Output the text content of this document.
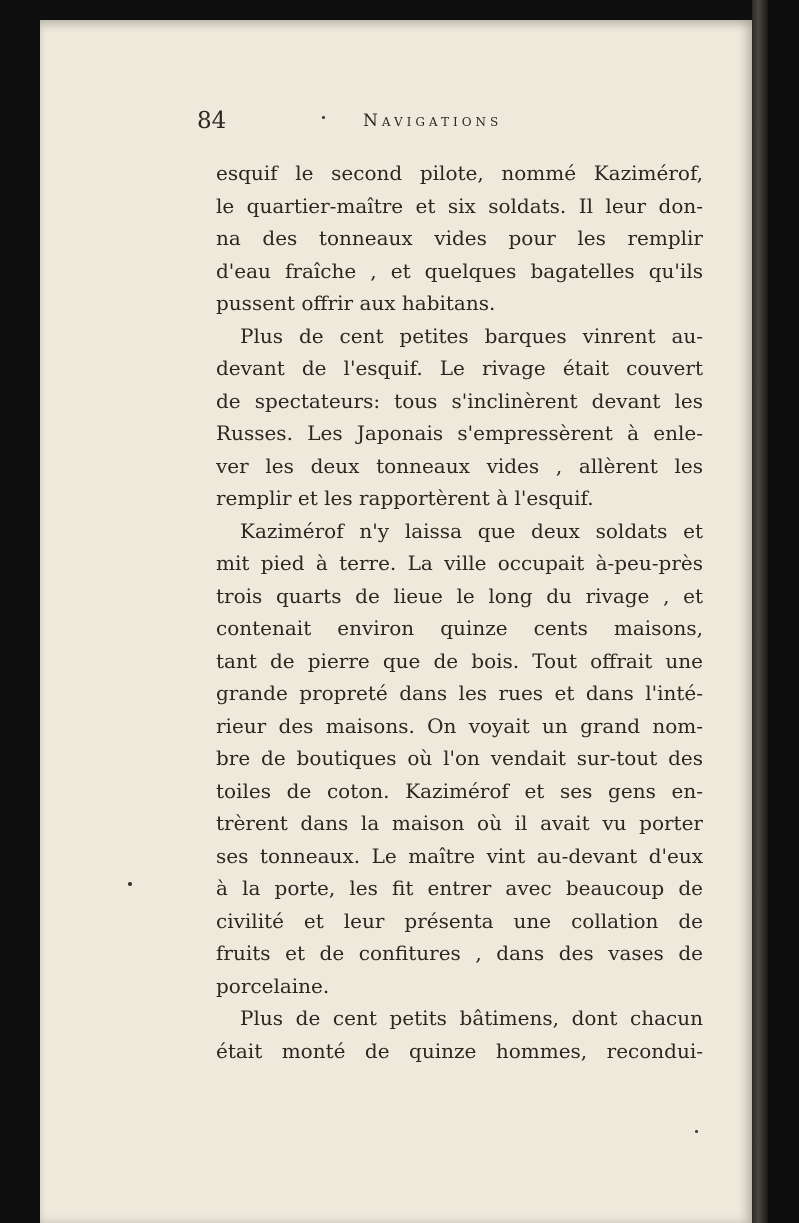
84	Navigations
esquif le second pilote, nommé Kazimérof,
le quartier-maître et six soldats. Il leur don-
na des tonneaux vides pour les remplir
d'eau fraîche , et quelques bagatelles qu'ils
pussent offrir aux habitans.
Plus de cent petites barques vinrent au-
devant de l'esquif. Le rivage était couvert
de spectateurs: tous s'inclinèrent devant les
Russes. Les Japonais s'empressèrent à enle-
ver les deux tonneaux vides , allèrent les
remplir et les rapportèrent à l'esquif.
Kazimérof n'y laissa que deux soldats et
mit pied à terre. La ville occupait à-peu-près
trois quarts de lieue le long du rivage , et
contenait environ quinze cents maisons,
tant de pierre que de bois. Tout offrait une
grande propreté dans les rues et dans l'inté-
rieur des maisons. On voyait un grand nom-
bre de boutiques où l'on vendait sur-tout des
toiles de coton. Kazimérof et ses gens en-
trèrent dans la maison où il avait vu porter
ses tonneaux. Le maître vint au-devant d'eux
à la porte, les fit entrer avec beaucoup de
civilité et leur présenta une collation de
fruits et de confitures , dans des vases de
porcelaine.
Plus de cent petits bâtimens, dont chacun
était monté de quinze hommes, recondui-
